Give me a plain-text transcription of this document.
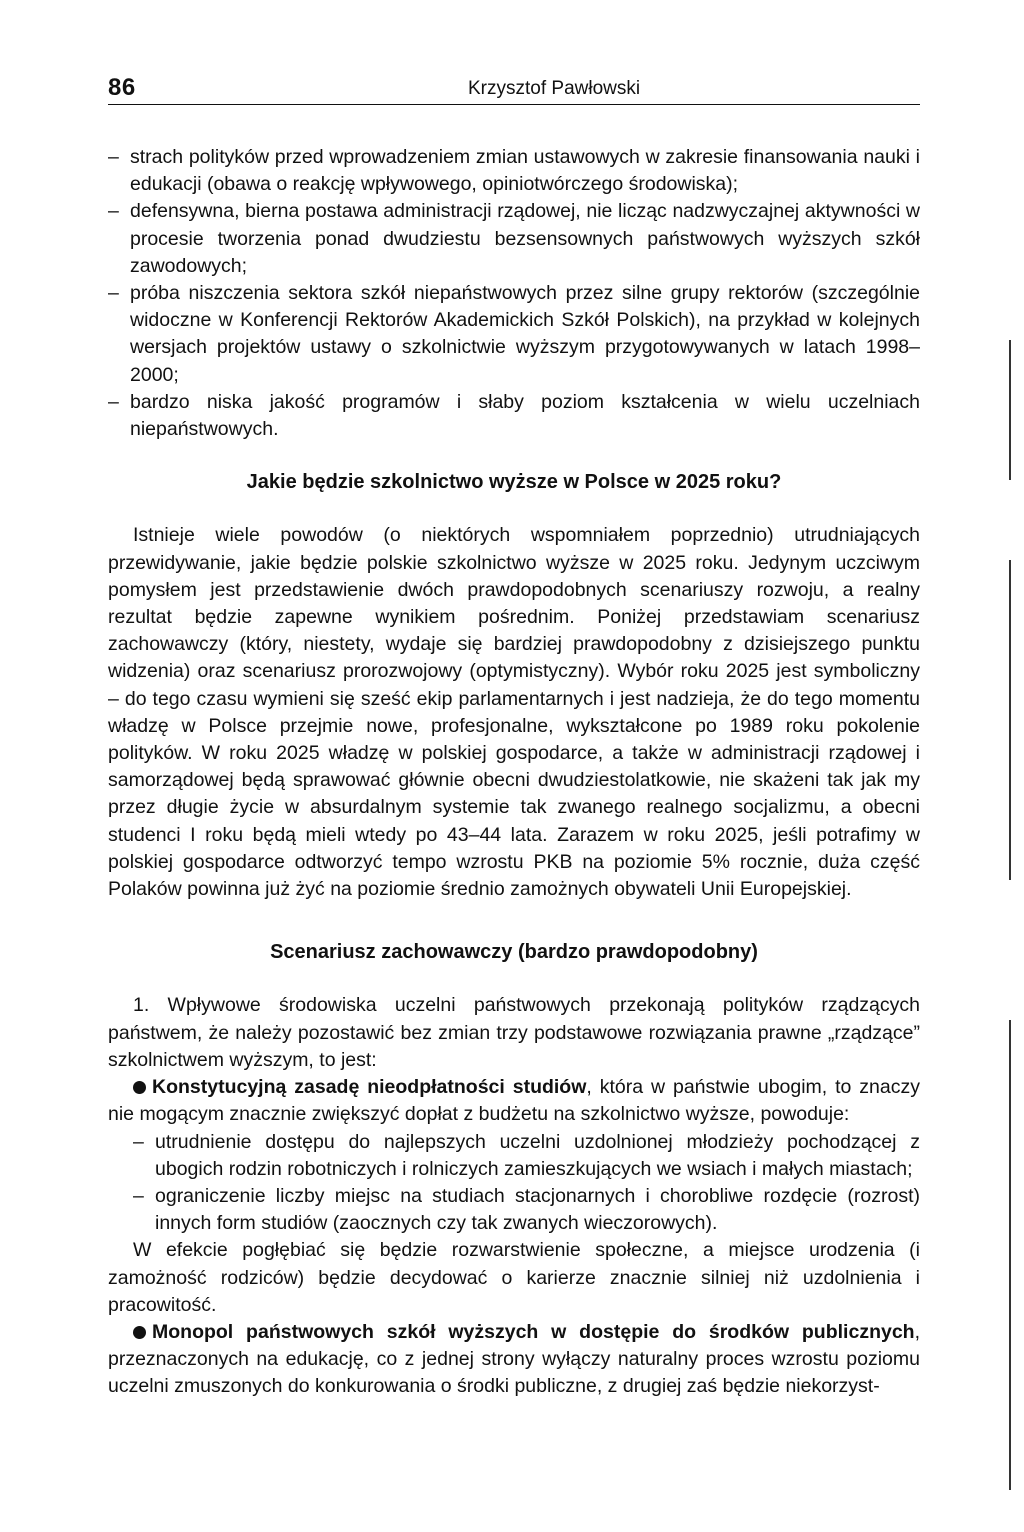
86	Krzysztof Pawłowski
– strach polityków przed wprowadzeniem zmian ustawowych w zakresie finansowania nauki i edukacji (obawa o reakcję wpływowego, opiniotwórczego środowiska);
– defensywna, bierna postawa administracji rządowej, nie licząc nadzwyczajnej aktywności w procesie tworzenia ponad dwudziestu bezsensownych państwowych wyższych szkół zawodowych;
– próba niszczenia sektora szkół niepaństwowych przez silne grupy rektorów (szczególnie widoczne w Konferencji Rektorów Akademickich Szkół Polskich), na przykład w kolejnych wersjach projektów ustawy o szkolnictwie wyższym przygotowywanych w latach 1998–2000;
– bardzo niska jakość programów i słaby poziom kształcenia w wielu uczelniach niepaństwowych.
Jakie będzie szkolnictwo wyższe w Polsce w 2025 roku?

Istnieje wiele powodów (o niektórych wspomniałem poprzednio) utrudniających przewidywanie, jakie będzie polskie szkolnictwo wyższe w 2025 roku. Jedynym uczciwym pomysłem jest przedstawienie dwóch prawdopodobnych scenariuszy rozwoju, a realny rezultat będzie zapewne wynikiem pośrednim. Poniżej przedstawiam scenariusz zachowawczy (który, niestety, wydaje się bardziej prawdopodobny z dzisiejszego punktu widzenia) oraz scenariusz prorozwojowy (optymistyczny). Wybór roku 2025 jest symboliczny – do tego czasu wymieni się sześć ekip parlamentarnych i jest nadzieja, że do tego momentu władzę w Polsce przejmie nowe, profesjonalne, wykształcone po 1989 roku pokolenie polityków. W roku 2025 władzę w polskiej gospodarce, a także w administracji rządowej i samorządowej będą sprawować głównie obecni dwudziestolatkowie, nie skażeni tak jak my przez długie życie w absurdalnym systemie tak zwanego realnego socjalizmu, a obecni studenci I roku będą mieli wtedy po 43–44 lata. Zarazem w roku 2025, jeśli potrafimy w polskiej gospodarce odtworzyć tempo wzrostu PKB na poziomie 5% rocznie, duża część Polaków powinna już żyć na poziomie średnio zamożnych obywateli Unii Europejskiej.

Scenariusz zachowawczy (bardzo prawdopodobny)

1. Wpływowe środowiska uczelni państwowych przekonają polityków rządzących państwem, że należy pozostawić bez zmian trzy podstawowe rozwiązania prawne „rządzące” szkolnictwem wyższym, to jest:

Konstytucyjną zasadę nieodpłatności studiów, która w państwie ubogim, to znaczy nie mogącym znacznie zwiększyć dopłat z budżetu na szkolnictwo wyższe, powoduje:

– utrudnienie dostępu do najlepszych uczelni uzdolnionej młodzieży pochodzącej z ubogich rodzin robotniczych i rolniczych zamieszkujących we wsiach i małych miastach;
– ograniczenie liczby miejsc na studiach stacjonarnych i chorobliwe rozdęcie (rozrost) innych form studiów (zaocznych czy tak zwanych wieczorowych).

W efekcie pogłębiać się będzie rozwarstwienie społeczne, a miejsce urodzenia (i zamożność rodziców) będzie decydować o karierze znacznie silniej niż uzdolnienia i pracowitość.

Monopol państwowych szkół wyższych w dostępie do środków publicznych, przeznaczonych na edukację, co z jednej strony wyłączy naturalny proces wzrostu poziomu uczelni zmuszonych do konkurowania o środki publiczne, z drugiej zaś będzie niekorzyst-
